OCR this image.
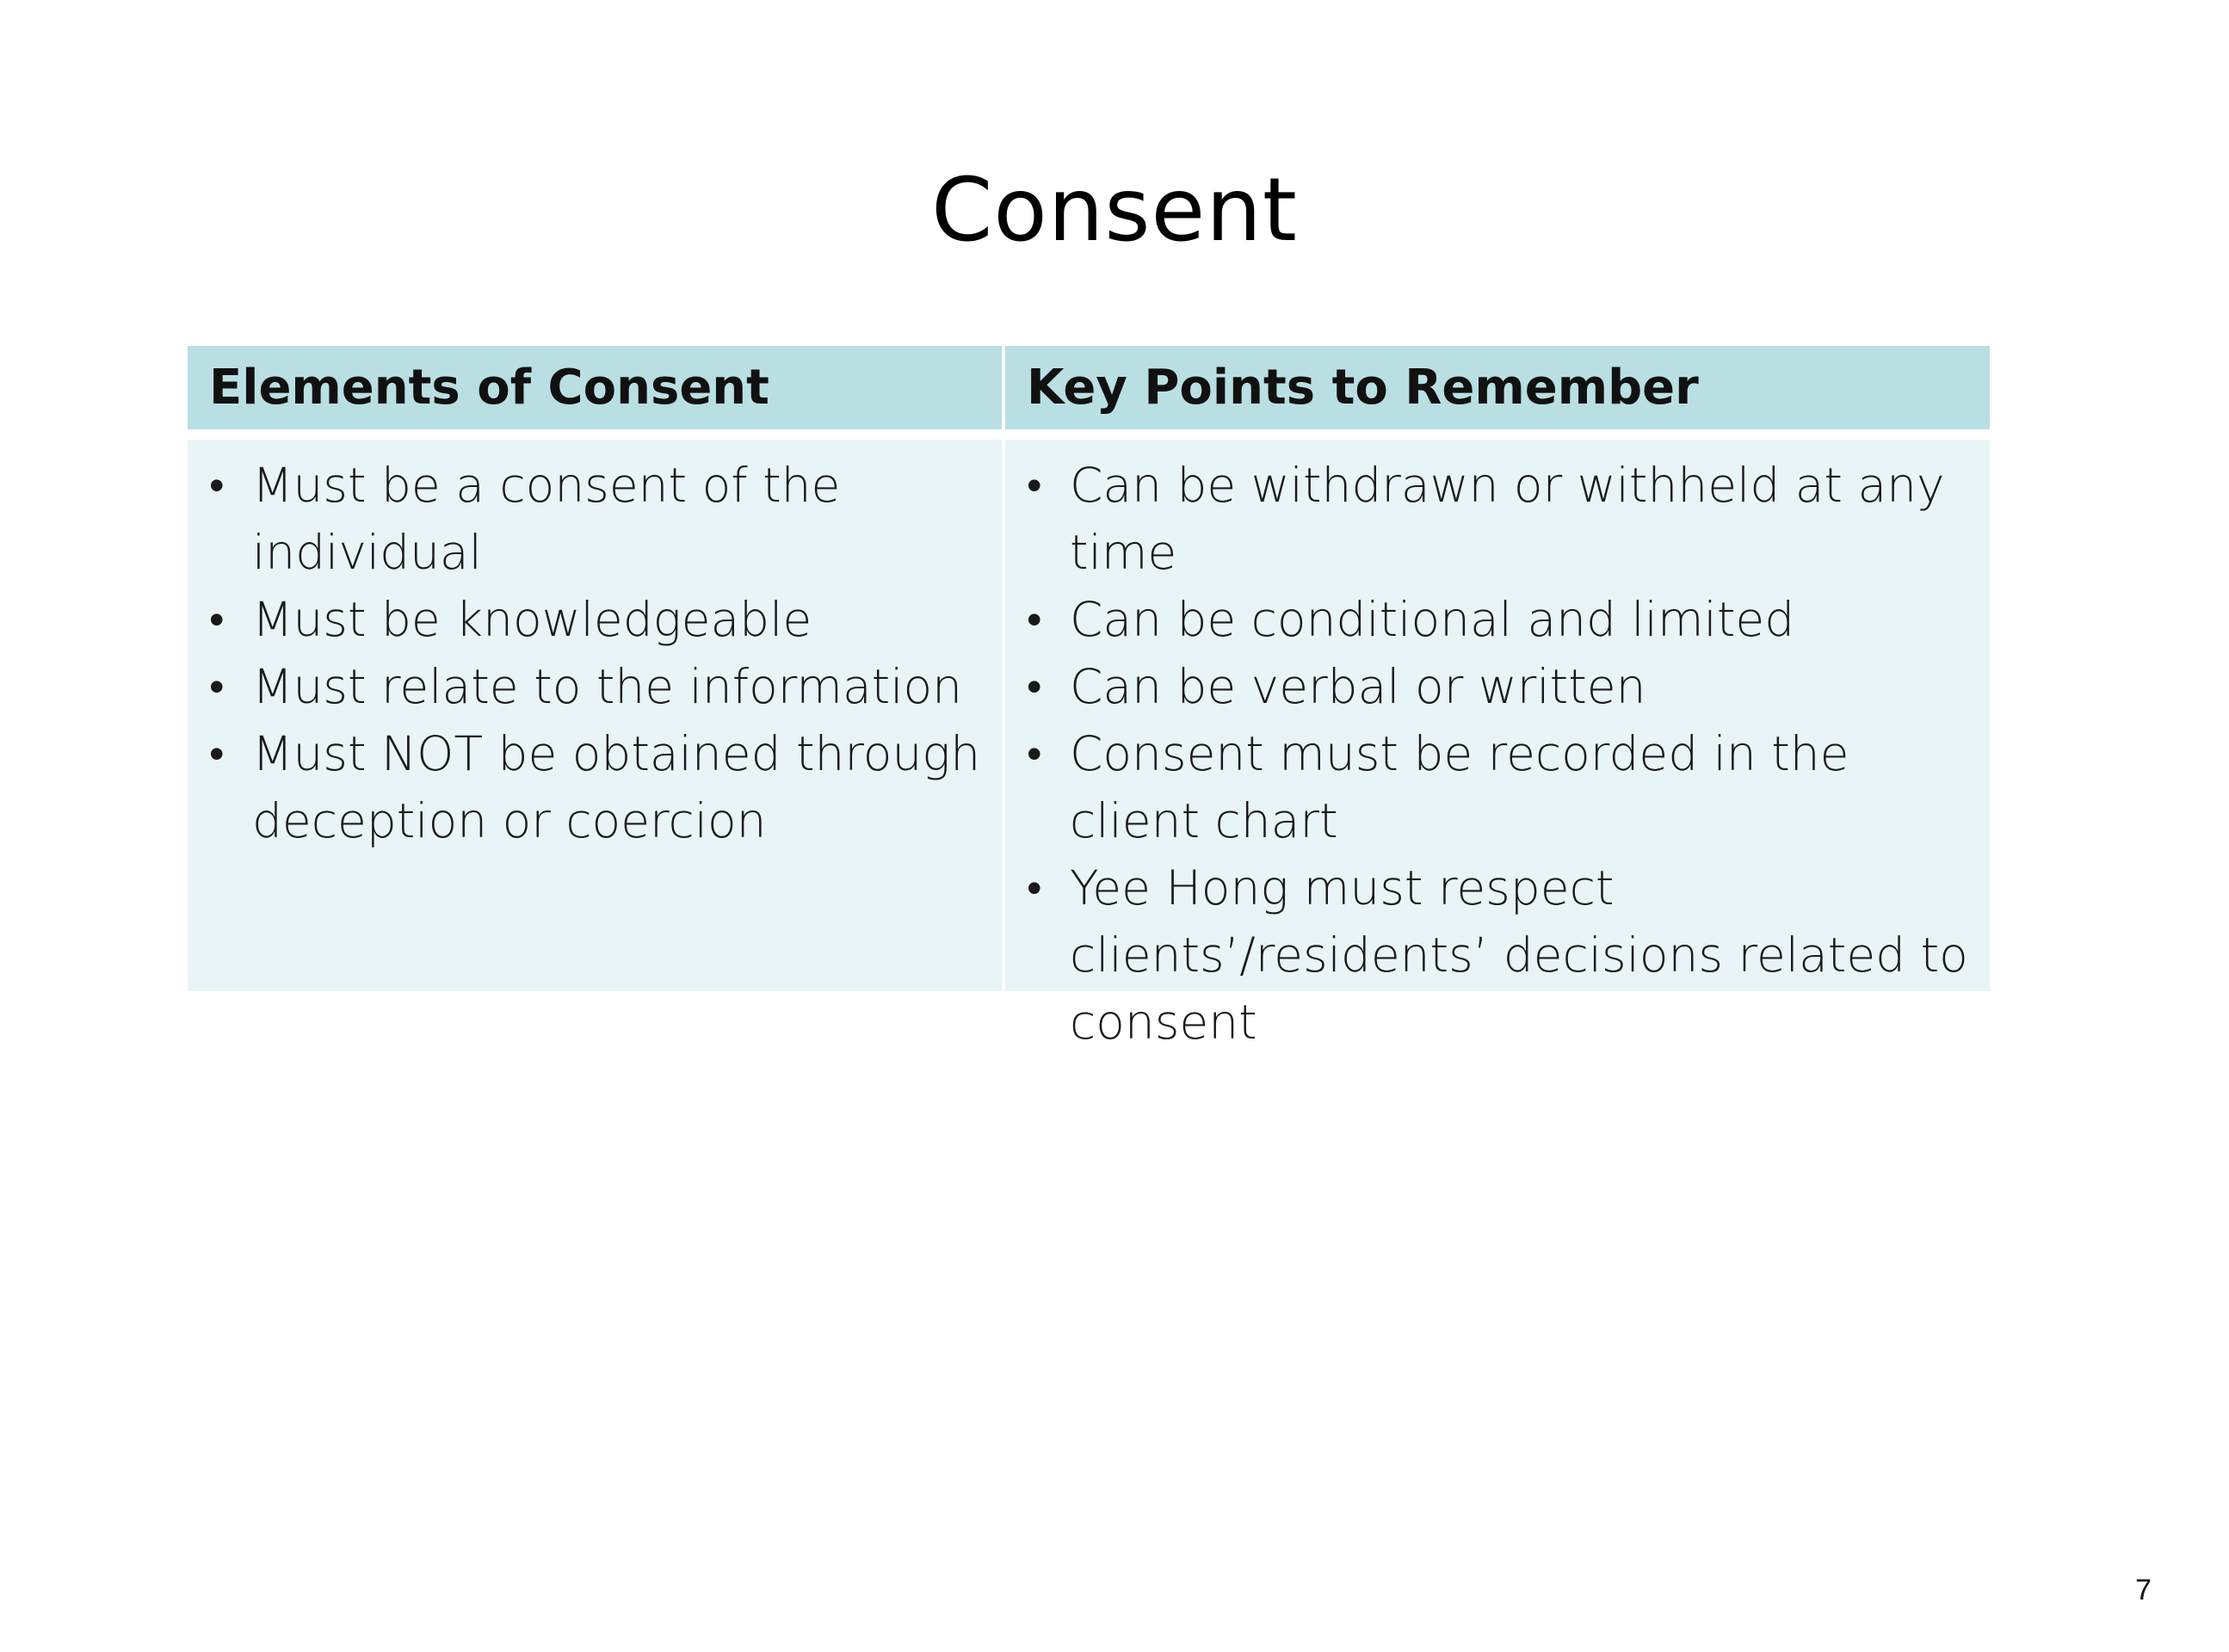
Consent
Elements of Consent	Key Points to Remember
• Must be a consent of the individual
• Must be knowledgeable
• Must relate to the information
• Must NOT be obtained through deception or coercion
• Can be withdrawn or withheld at any time
• Can be conditional and limited
• Can be verbal or written
• Consent must be recorded in the client chart
• Yee Hong must respect clients’/residents’ decisions related to consent
7
